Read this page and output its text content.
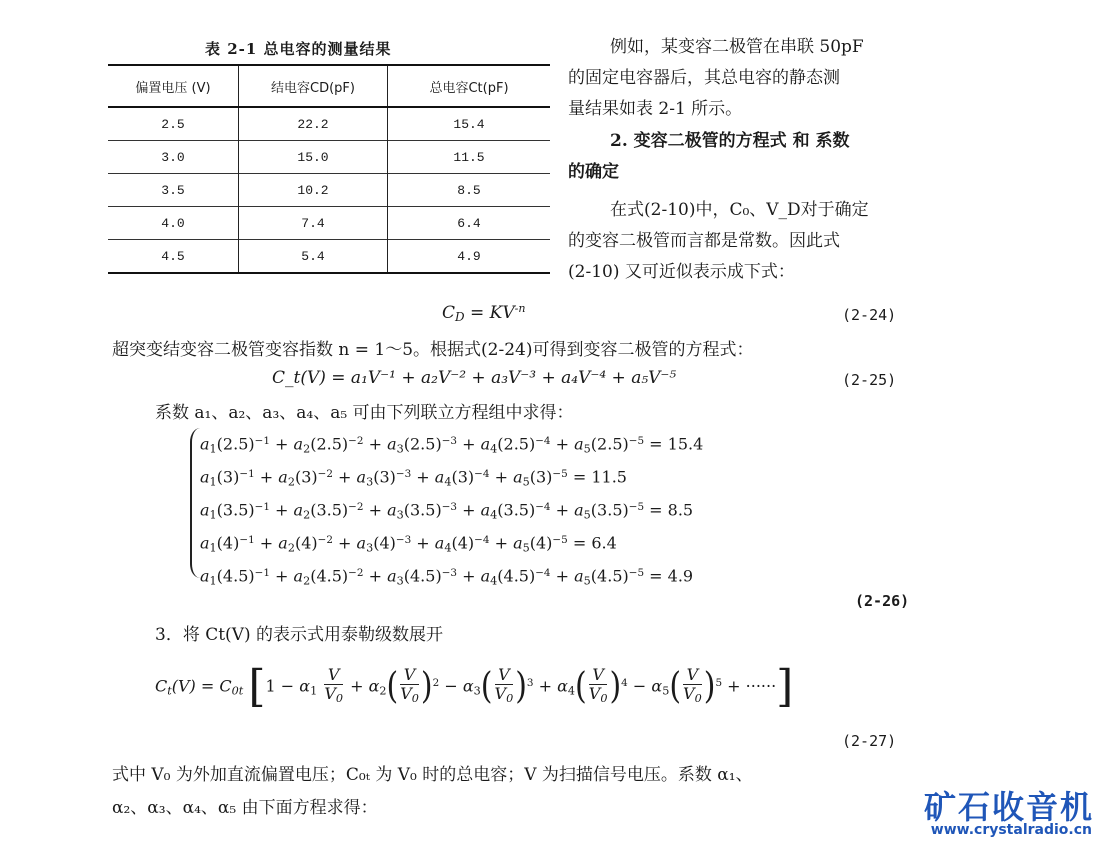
表 2-1 总电容的测量结果
偏置电压 (V)	结电容CD(pF)	总电容Ct(pF)
2.5	22.2	15.4
3.0	15.0	11.5
3.5	10.2	8.5
4.0	7.4	6.4
4.5	5.4	4.9
例如，某变容二极管在串联 50pF
的固定电容器后，其总电容的静态测
量结果如表 2-1 所示。
2. 变容二极管的方程式 和 系数
的确定
在式(2-10)中，C₀、V_D对于确定
的变容二极管而言都是常数。因此式
(2-10) 又可近似表示成下式：
$C_D = KV^{-n}$	(2-24)
超突变结变容二极管变容指数 n = 1～5。根据式(2-24)可得到变容二极管的方程式：
C_t(V) = a₁V⁻¹ + a₂V⁻² + a₃V⁻³ + a₄V⁻⁴ + a₅V⁻⁵	(2-25)
系数 a₁、a₂、a₃、a₄、a₅ 可由下列联立方程组中求得：
$a_1(2.5)^{-1} + a_2(2.5)^{-2} + a_3(2.5)^{-3} + a_4(2.5)^{-4} + a_5(2.5)^{-5} = 15.4$
$a_1(3)^{-1} + a_2(3)^{-2} + a_3(3)^{-3} + a_4(3)^{-4} + a_5(3)^{-5} = 11.5$
$a_1(3.5)^{-1} + a_2(3.5)^{-2} + a_3(3.5)^{-3} + a_4(3.5)^{-4} + a_5(3.5)^{-5} = 8.5$
$a_1(4)^{-1} + a_2(4)^{-2} + a_3(4)^{-3} + a_4(4)^{-4} + a_5(4)^{-5} = 6.4$
$a_1(4.5)^{-1} + a_2(4.5)^{-2} + a_3(4.5)^{-3} + a_4(4.5)^{-4} + a_5(4.5)^{-5} = 4.9$
(2-26)
3．将 Ct(V) 的表示式用泰勒级数展开
$C_t(V) = C_{0t}$ [$1 - \alpha_1 \frac{V}{V_0} + \alpha_2( \frac{V}{V_0} )^2 - \alpha_3( \frac{V}{V_0} )^3 + \alpha_4( \frac{V}{V_0} )^4 - \alpha_5( \frac{V}{V_0} )^5$ + ······]
(2-27)
式中 V₀ 为外加直流偏置电压；C₀ₜ 为 V₀ 时的总电容；V 为扫描信号电压。系数 α₁、
α₂、α₃、α₄、α₅ 由下面方程求得：	矿石收音机
www.crystalradio.cn
